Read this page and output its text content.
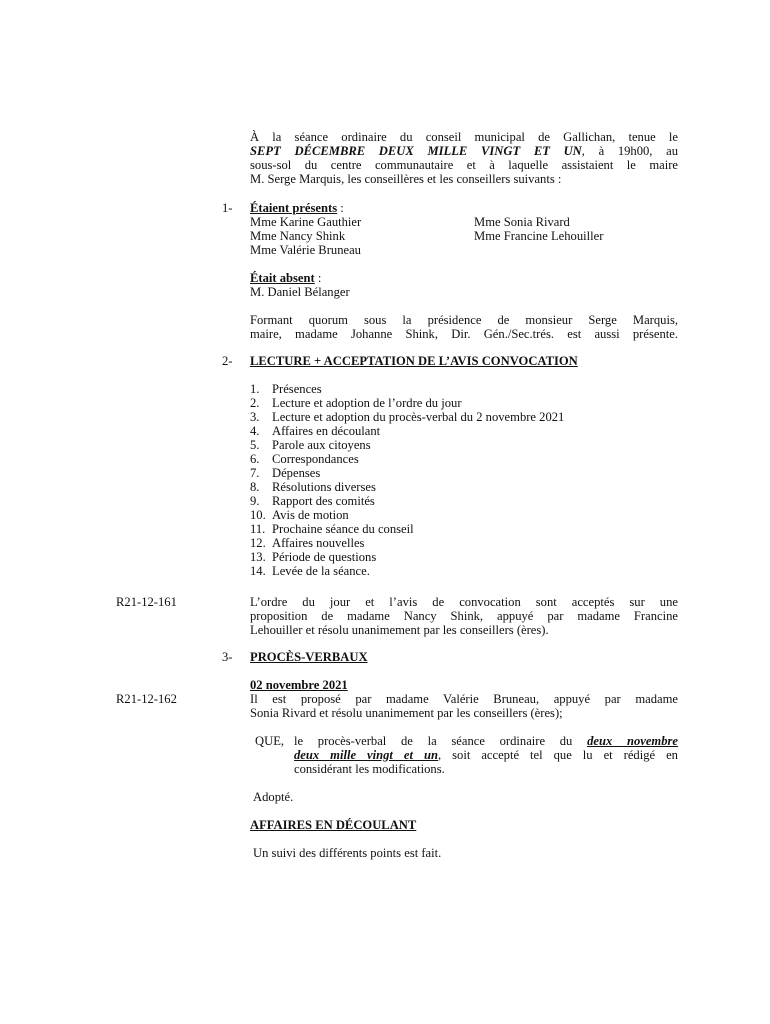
À la séance ordinaire du conseil municipal de Gallichan, tenue le
SEPT DÉCEMBRE DEUX MILLE VINGT ET UN, à 19h00, au
sous-sol du centre communautaire et à laquelle assistaient le maire
M. Serge Marquis, les conseillères et les conseillers suivants :
1- Étaient présents :
Mme Karine Gauthier
Mme Nancy Shink
Mme Valérie Bruneau
Mme Sonia Rivard
Mme Francine Lehouiller
Était absent :
M. Daniel Bélanger
Formant quorum sous la présidence de monsieur Serge Marquis,
maire, madame Johanne Shink, Dir. Gén./Sec.trés. est aussi présente.
2- LECTURE + ACCEPTATION DE L’AVIS CONVOCATION
1. Présences
2. Lecture et adoption de l’ordre du jour
3. Lecture et adoption du procès-verbal du 2 novembre 2021
4. Affaires en découlant
5. Parole aux citoyens
6. Correspondances
7. Dépenses
8. Résolutions diverses
9. Rapport des comités
10. Avis de motion
11. Prochaine séance du conseil
12. Affaires nouvelles
13. Période de questions
14. Levée de la séance.
R21-12-161	L’ordre du jour et l’avis de convocation sont acceptés sur une
proposition de madame Nancy Shink, appuyé par madame Francine
Lehouiller et résolu unanimement par les conseillers (ères).
3- PROCÈS-VERBAUX
02 novembre 2021
R21-12-162	Il est proposé par madame Valérie Bruneau, appuyé par madame
Sonia Rivard et résolu unanimement par les conseillers (ères);
QUE, le procès-verbal de la séance ordinaire du deux novembre
deux mille vingt et un, soit accepté tel que lu et rédigé en
considérant les modifications.
Adopté.
AFFAIRES EN DÉCOULANT
Un suivi des différents points est fait.
